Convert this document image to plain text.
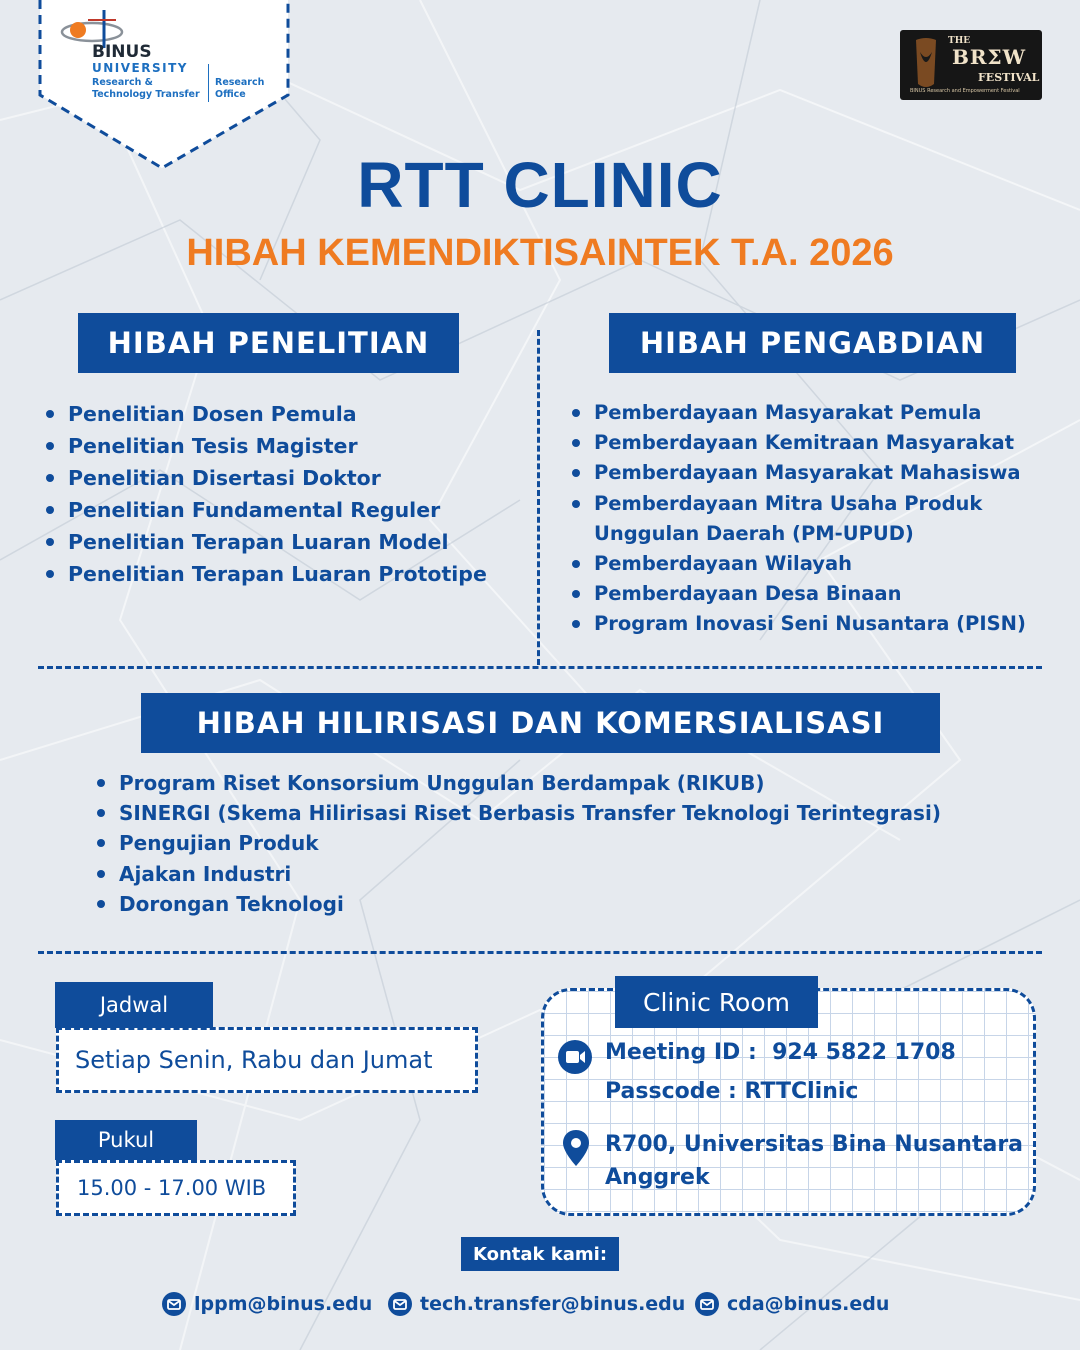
BINUS
UNIVERSITY
Research &
Technology Transfer
Research
Office
THE
BRΣW
FESTIVAL
BINUS Research and Empowerment Festival
RTT CLINIC
HIBAH KEMENDIKTISAINTEK T.A. 2026
HIBAH PENELITIAN	HIBAH PENGABDIAN
Penelitian Dosen Pemula
Penelitian Tesis Magister
Penelitian Disertasi Doktor
Penelitian Fundamental Reguler
Penelitian Terapan Luaran Model
Penelitian Terapan Luaran Prototipe
Pemberdayaan Masyarakat Pemula
Pemberdayaan Kemitraan Masyarakat
Pemberdayaan Masyarakat Mahasiswa
Pemberdayaan Mitra Usaha Produk Unggulan Daerah (PM-UPUD)
Pemberdayaan Wilayah
Pemberdayaan Desa Binaan
Program Inovasi Seni Nusantara (PISN)
HIBAH HILIRISASI DAN KOMERSIALISASI
Program Riset Konsorsium Unggulan Berdampak (RIKUB)
SINERGI (Skema Hilirisasi Riset Berbasis Transfer Teknologi Terintegrasi)
Pengujian Produk
Ajakan Industri
Dorongan Teknologi
Setiap Senin, Rabu dan Jumat
Jadwal
15.00 - 17.00 WIB
Pukul
Clinic Room
Meeting ID :  924 5822 1708
Passcode : RTTClinic
R700, Universitas Bina Nusantara Anggrek
Kontak kami:
lppm@binus.edu	tech.transfer@binus.edu cda@binus.edu
